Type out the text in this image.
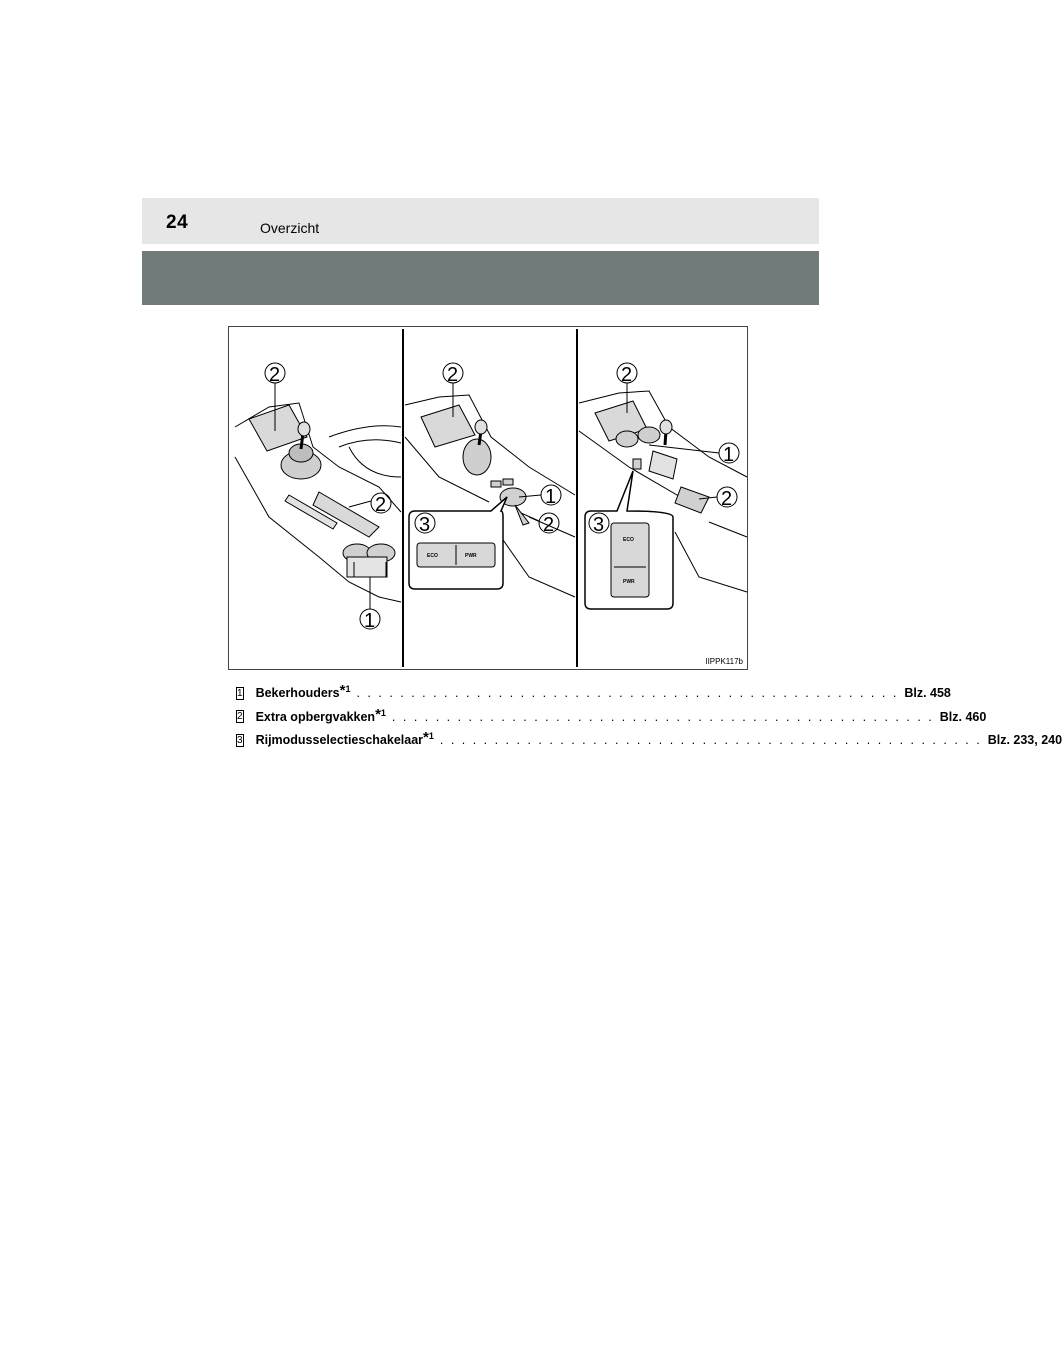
24	Overzicht
2
2
1
ECO	PWR
2
1
2
3
ECO
PWR
2
1
2
3
IIPPK117b
1 Bekerhouders*$^1$ . . . . . . . . . . . . . . . . . . . . . . . . . . . . . . . . . . . . . . . . . . . . . . . . . . Blz. 458
2 Extra opbergvakken*$^1$ . . . . . . . . . . . . . . . . . . . . . . . . . . . . . . . . . . . . . . . . . . . . . . . . . . Blz. 460
3 Rijmodusselectieschakelaar*$^1$ . . . . . . . . . . . . . . . . . . . . . . . . . . . . . . . . . . . . . . . . . . . . . . . . . . Blz. 233, 240
